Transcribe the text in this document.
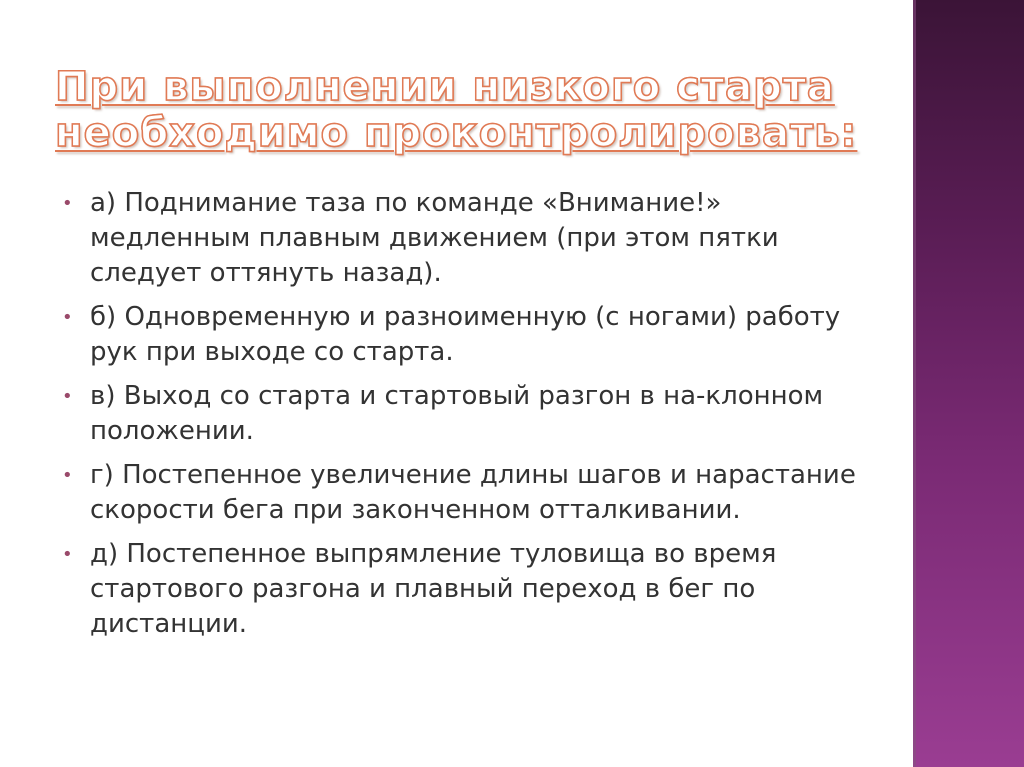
При выполнении низкого старта необходимо проконтролировать:
• а) Поднимание таза по команде «Внимание!» медленным плавным движением (при этом пятки следует оттянуть назад).
• б) Одновременную и разноименную (с ногами) работу рук при выходе со старта.
• в) Выход со старта и стартовый разгон в на-клонном положении.
• г) Постепенное увеличение длины шагов и нарастание скорости бега при законченном отталкивании.
• д) Постепенное выпрямление туловища во время стартового разгона и плавный переход в бег по дистанции.
